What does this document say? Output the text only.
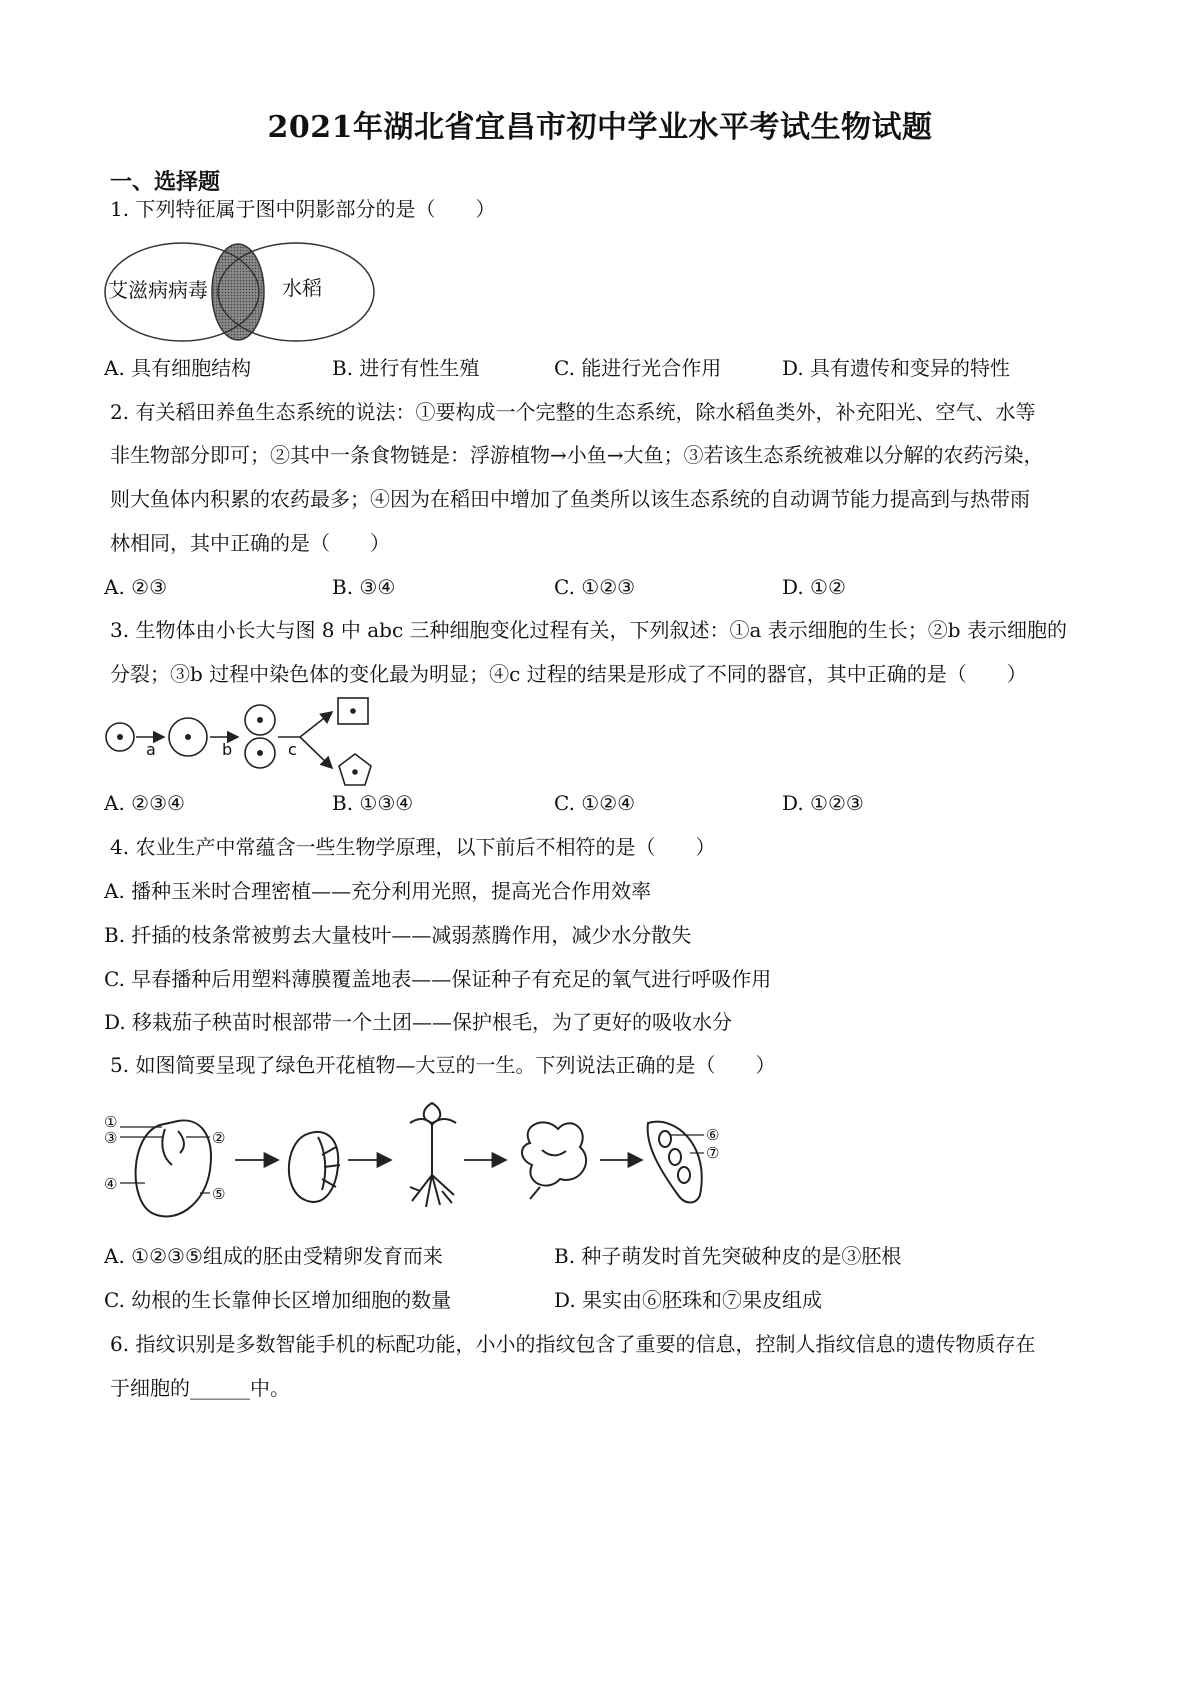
2021年湖北省宜昌市初中学业水平考试生物试题
一、选择题
1. 下列特征属于图中阴影部分的是（　　）
艾滋病病毒	水稻
A. 具有细胞结构	B. 进行有性生殖	C. 能进行光合作用	D. 具有遗传和变异的特性
2. 有关稻田养鱼生态系统的说法：①要构成一个完整的生态系统，除水稻鱼类外，补充阳光、空气、水等
非生物部分即可；②其中一条食物链是：浮游植物→小鱼→大鱼；③若该生态系统被难以分解的农药污染，
则大鱼体内积累的农药最多；④因为在稻田中增加了鱼类所以该生态系统的自动调节能力提高到与热带雨
林相同，其中正确的是（　　）
A. ②③	B. ③④	C. ①②③	D. ①②
3. 生物体由小长大与图 8 中 abc 三种细胞变化过程有关，下列叙述：①a 表示细胞的生长；②b 表示细胞的
分裂；③b 过程中染色体的变化最为明显；④c 过程的结果是形成了不同的器官，其中正确的是（　　）
a	b	c
A. ②③④	B. ①③④	C. ①②④	D. ①②③
4. 农业生产中常蕴含一些生物学原理，以下前后不相符的是（　　）
A. 播种玉米时合理密植——充分利用光照，提高光合作用效率
B. 扦插的枝条常被剪去大量枝叶——减弱蒸腾作用，减少水分散失
C. 早春播种后用塑料薄膜覆盖地表——保证种子有充足的氧气进行呼吸作用
D. 移栽茄子秧苗时根部带一个土团——保护根毛，为了更好的吸收水分
5. 如图简要呈现了绿色开花植物—大豆的一生。下列说法正确的是（　　）
①
③	②
④
⑤
⑥
⑦
A. ①②③⑤组成的胚由受精卵发育而来	B. 种子萌发时首先突破种皮的是③胚根
C. 幼根的生长靠伸长区增加细胞的数量	D. 果实由⑥胚珠和⑦果皮组成
6. 指纹识别是多数智能手机的标配功能，小小的指纹包含了重要的信息，控制人指纹信息的遗传物质存在
于细胞的______中。
